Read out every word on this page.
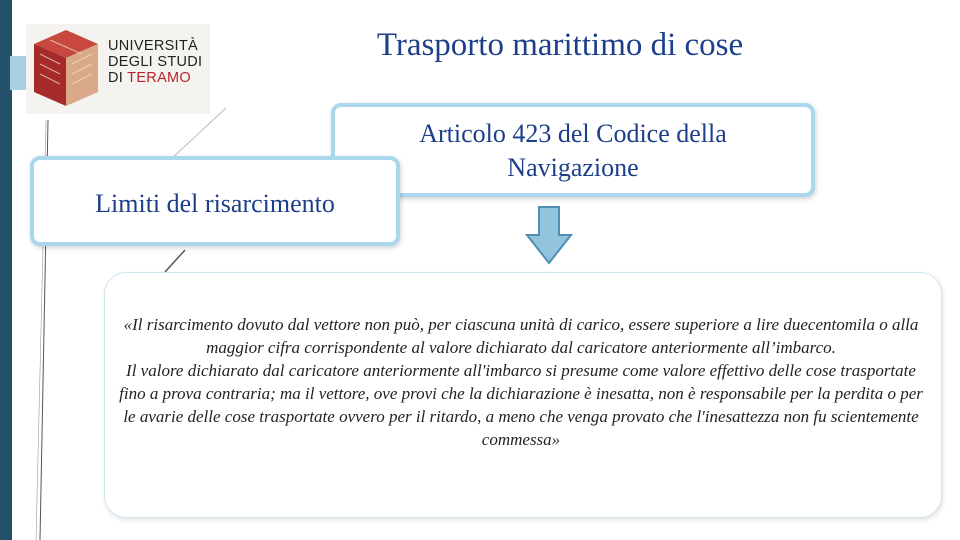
UNIVERSITÀ
DEGLI STUDI
DI TERAMO
Trasporto marittimo di cose
Articolo 423 del Codice della Navigazione
Limiti del risarcimento

«Il risarcimento dovuto dal vettore non può, per ciascuna unità di carico, essere superiore a lire duecentomila o alla maggior cifra corrispondente al valore dichiarato dal caricatore anteriormente all’imbarco.

Il valore dichiarato dal caricatore anteriormente all'imbarco si presume come valore effettivo delle cose trasportate fino a prova contraria; ma il vettore, ove provi che la dichiarazione è inesatta, non è responsabile per la perdita o per le avarie delle cose trasportate ovvero per il ritardo, a meno che venga provato che l'inesattezza non fu scientemente commessa»
